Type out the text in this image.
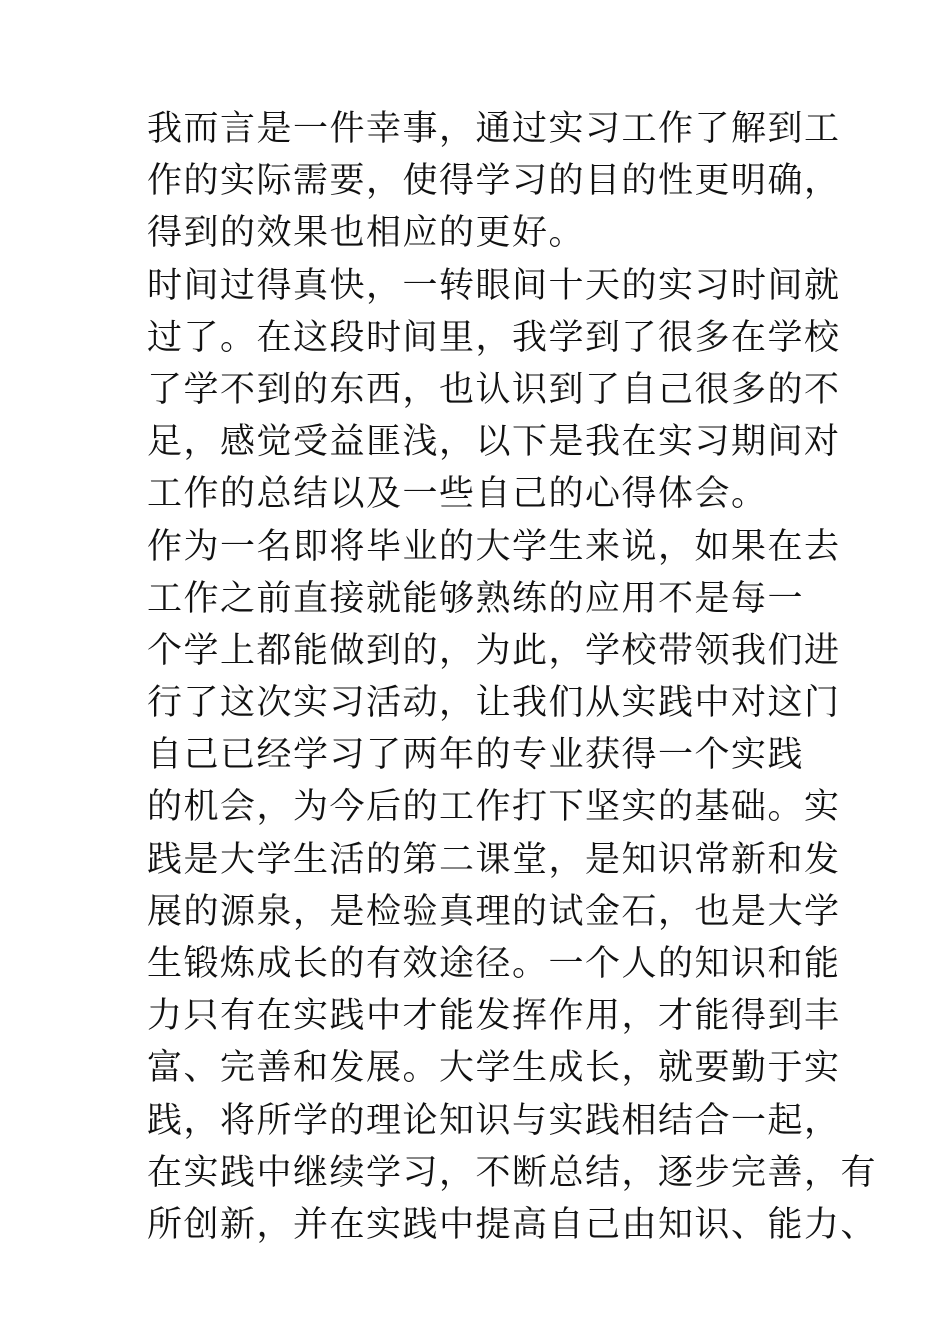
我而言是一件幸事，通过实习工作了解到工
作的实际需要，使得学习的目的性更明确，
得到的效果也相应的更好。
时间过得真快，一转眼间十天的实习时间就
过了。在这段时间里，我学到了很多在学校
了学不到的东西，也认识到了自己很多的不
足，感觉受益匪浅，以下是我在实习期间对
工作的总结以及一些自己的心得体会。
作为一名即将毕业的大学生来说，如果在去
工作之前直接就能够熟练的应用不是每一
个学上都能做到的，为此，学校带领我们进
行了这次实习活动，让我们从实践中对这门
自己已经学习了两年的专业获得一个实践
的机会，为今后的工作打下坚实的基础。实
践是大学生活的第二课堂，是知识常新和发
展的源泉，是检验真理的试金石，也是大学
生锻炼成长的有效途径。一个人的知识和能
力只有在实践中才能发挥作用，才能得到丰
富、完善和发展。大学生成长，就要勤于实
践，将所学的理论知识与实践相结合一起，
在实践中继续学习，不断总结，逐步完善，有
所创新，并在实践中提高自己由知识、能力、
